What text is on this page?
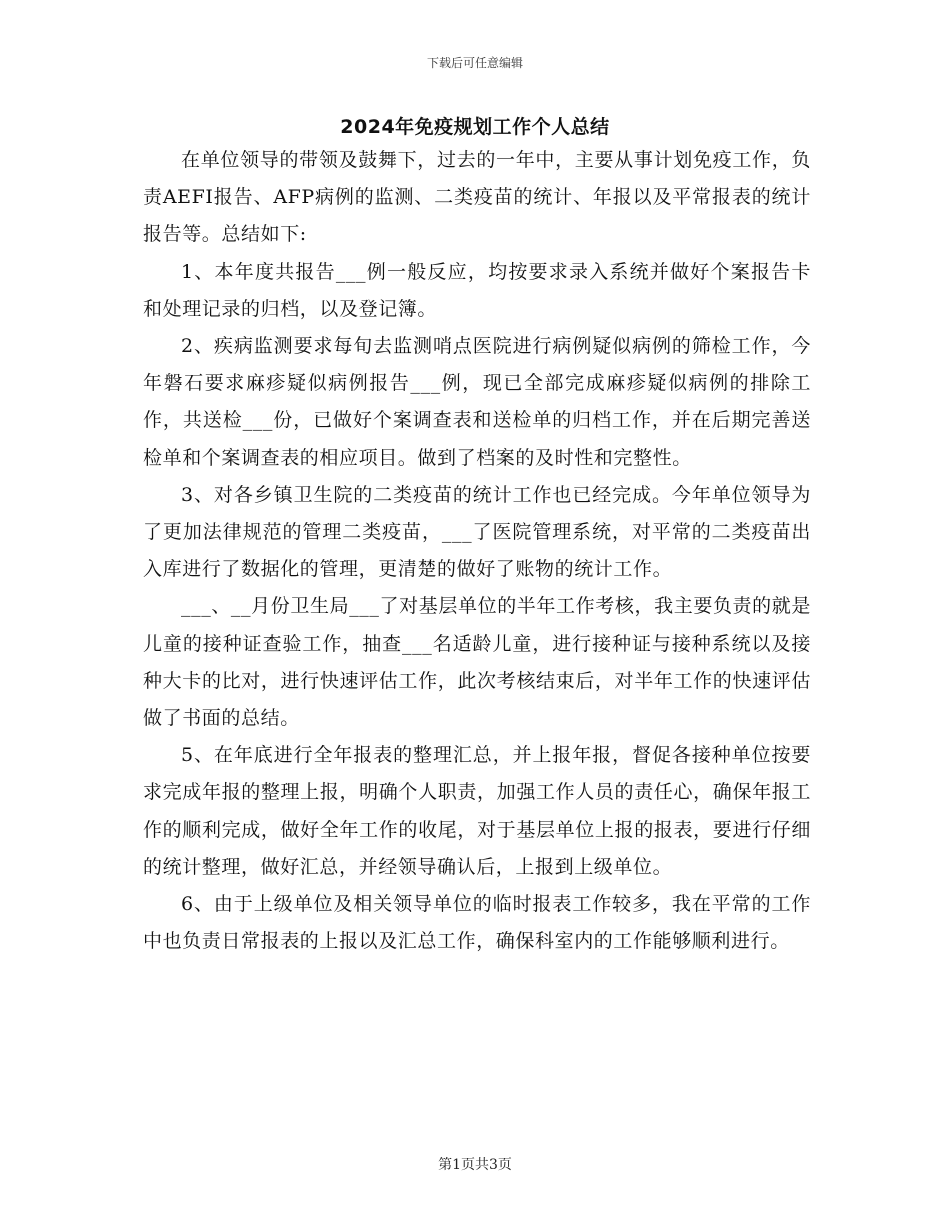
下载后可任意编辑
2024年免疫规划工作个人总结

在单位领导的带领及鼓舞下，过去的一年中，主要从事计划免疫工作，负责AEFI报告、AFP病例的监测、二类疫苗的统计、年报以及平常报表的统计报告等。总结如下:

1、本年度共报告___例一般反应，均按要求录入系统并做好个案报告卡和处理记录的归档，以及登记簿。

2、疾病监测要求每旬去监测哨点医院进行病例疑似病例的筛检工作，今年磐石要求麻疹疑似病例报告___例，现已全部完成麻疹疑似病例的排除工作，共送检___份，已做好个案调查表和送检单的归档工作，并在后期完善送检单和个案调查表的相应项目。做到了档案的及时性和完整性。

3、对各乡镇卫生院的二类疫苗的统计工作也已经完成。今年单位领导为了更加法律规范的管理二类疫苗，___了医院管理系统，对平常的二类疫苗出入库进行了数据化的管理，更清楚的做好了账物的统计工作。

___、__月份卫生局___了对基层单位的半年工作考核，我主要负责的就是儿童的接种证查验工作，抽查___名适龄儿童，进行接种证与接种系统以及接种大卡的比对，进行快速评估工作，此次考核结束后，对半年工作的快速评估做了书面的总结。

5、在年底进行全年报表的整理汇总，并上报年报，督促各接种单位按要求完成年报的整理上报，明确个人职责，加强工作人员的责任心，确保年报工作的顺利完成，做好全年工作的收尾，对于基层单位上报的报表，要进行仔细的统计整理，做好汇总，并经领导确认后，上报到上级单位。

6、由于上级单位及相关领导单位的临时报表工作较多，我在平常的工作中也负责日常报表的上报以及汇总工作，确保科室内的工作能够顺利进行。

第1页共3页
